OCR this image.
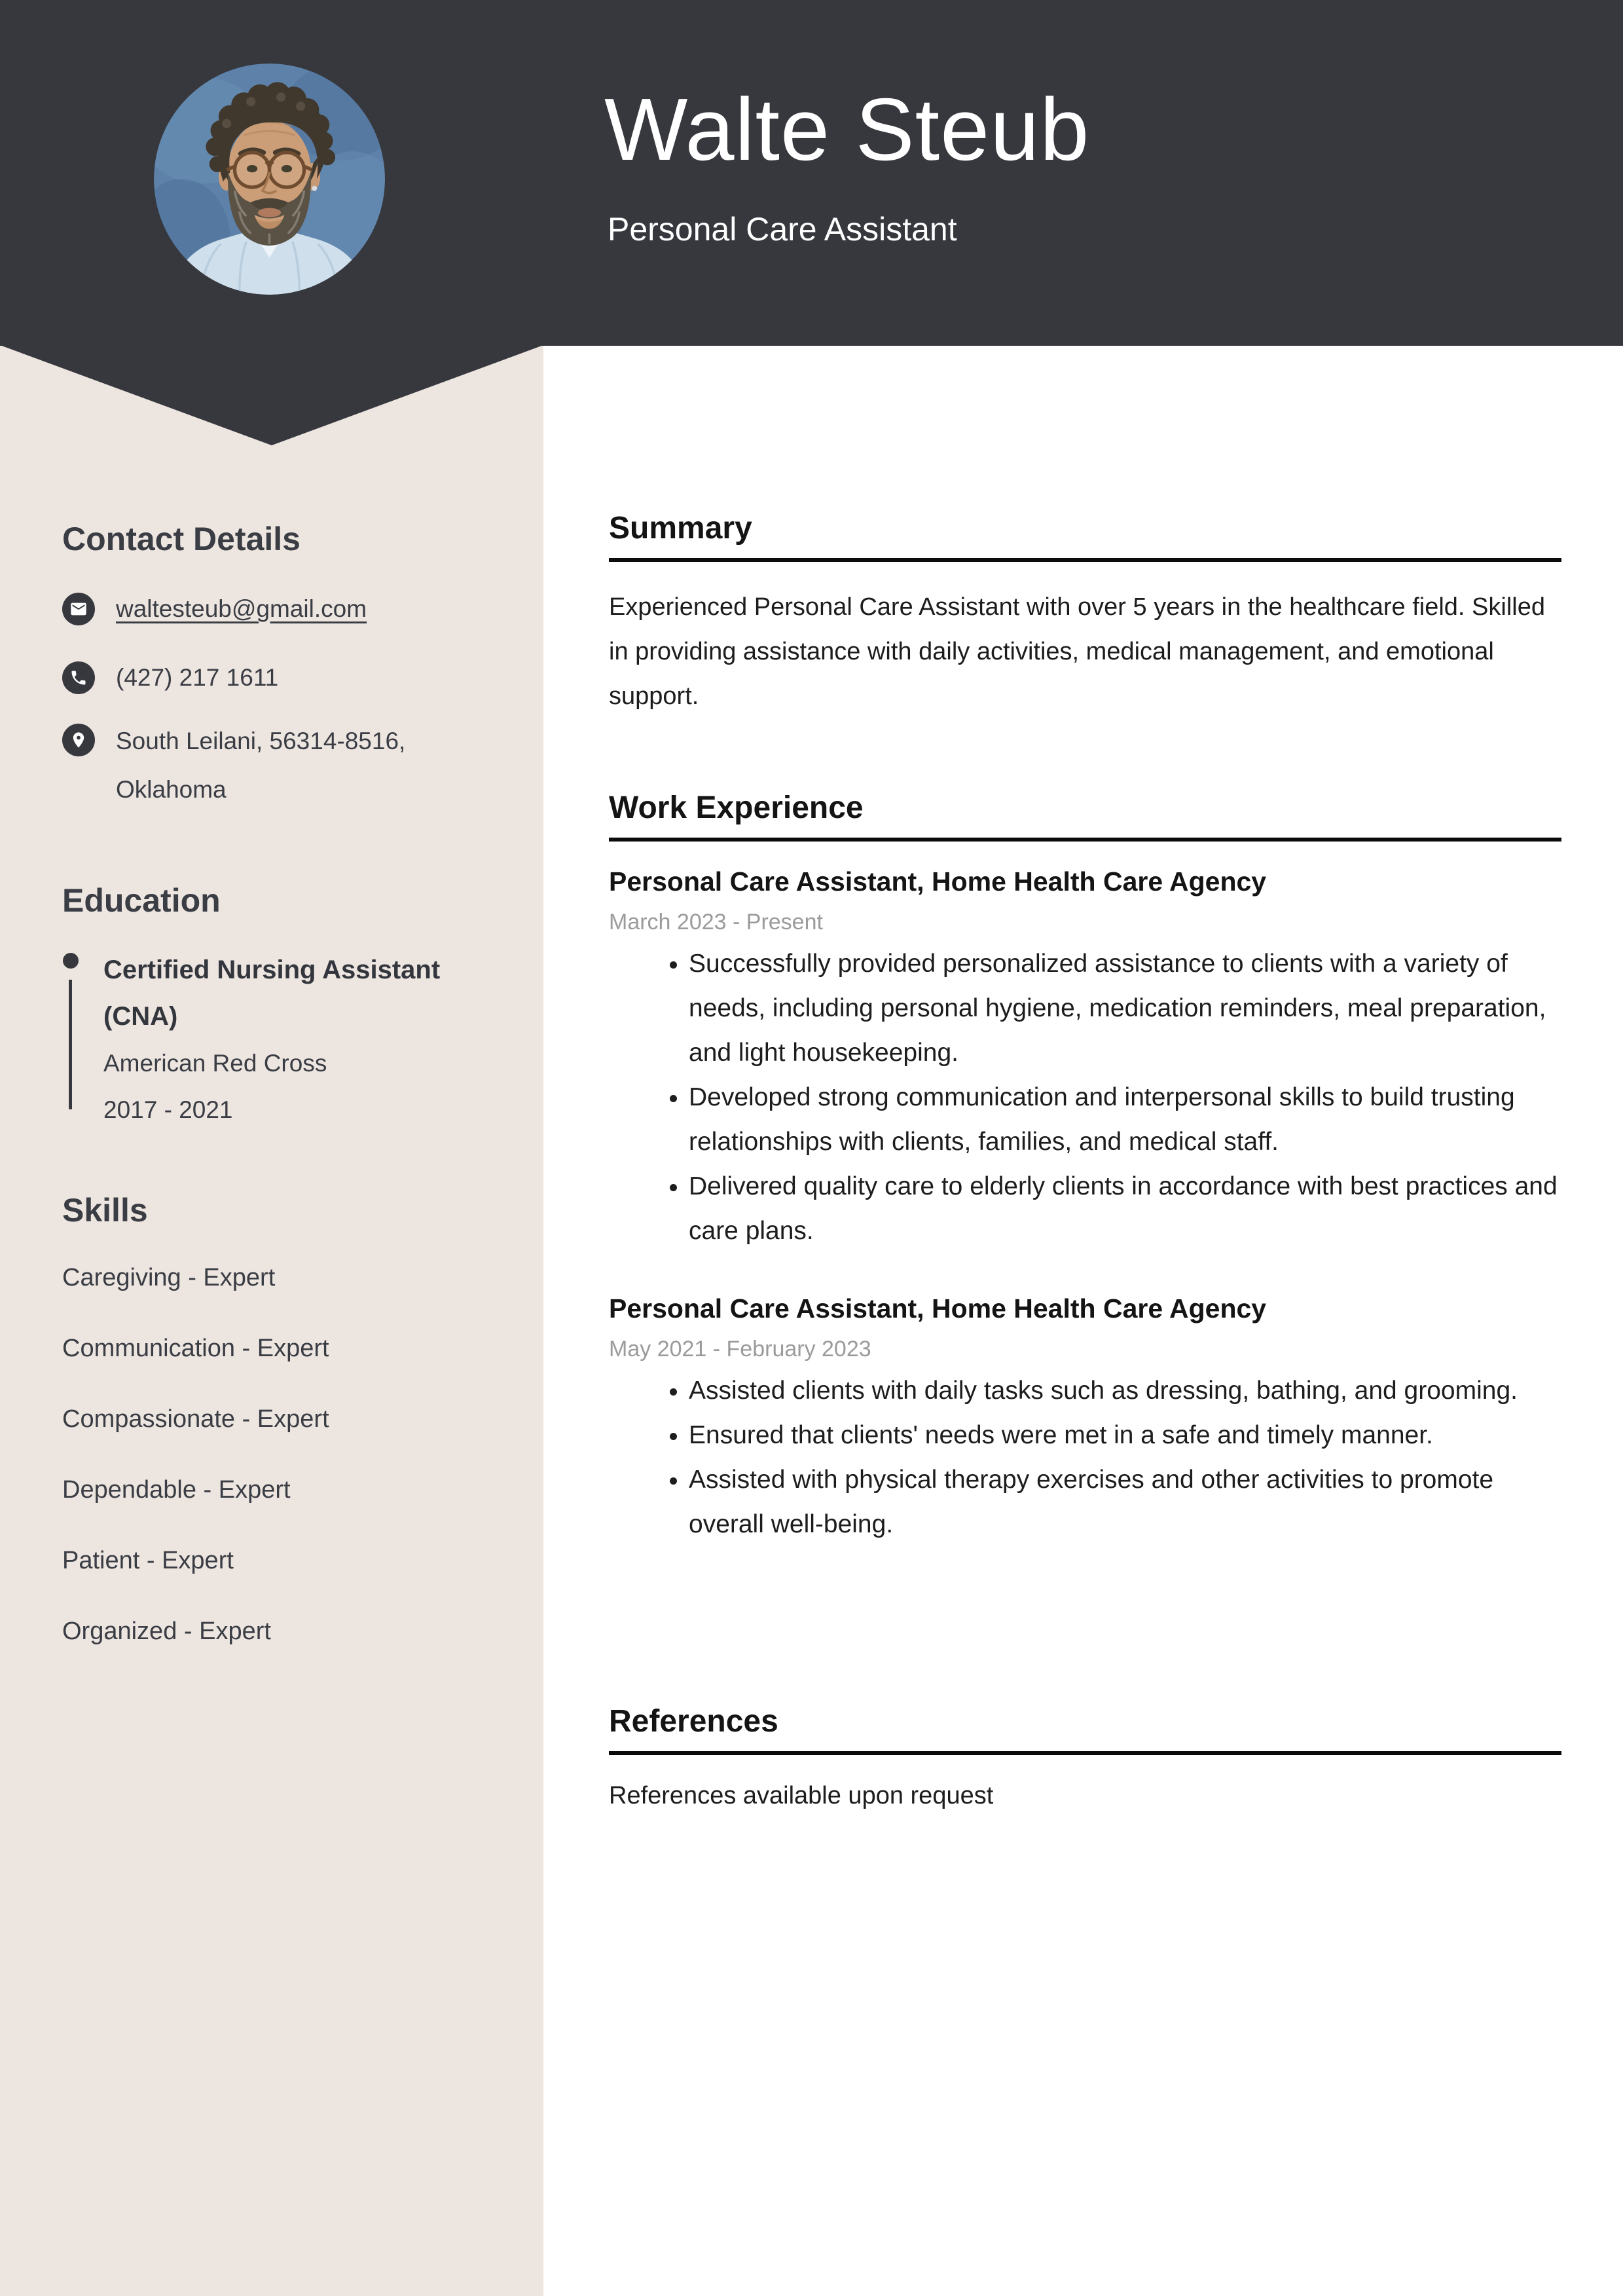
Walte Steub
Personal Care Assistant
Contact Details
waltesteub@gmail.com
(427) 217 1611
South Leilani, 56314-8516, Oklahoma
Education
Certified Nursing Assistant (CNA)
American Red Cross
2017 - 2021
Skills
Caregiving - Expert
Communication - Expert
Compassionate - Expert
Dependable - Expert
Patient - Expert
Organized - Expert
Summary
Experienced Personal Care Assistant with over 5 years in the healthcare field. Skilled in providing assistance with daily activities, medical management, and emotional support.
Work Experience
Personal Care Assistant, Home Health Care Agency
March 2023 - Present
• Successfully provided personalized assistance to clients with a variety of needs, including personal hygiene, medication reminders, meal preparation, and light housekeeping.
• Developed strong communication and interpersonal skills to build trusting relationships with clients, families, and medical staff.
• Delivered quality care to elderly clients in accordance with best practices and care plans.
Personal Care Assistant, Home Health Care Agency
May 2021 - February 2023
• Assisted clients with daily tasks such as dressing, bathing, and grooming.
• Ensured that clients' needs were met in a safe and timely manner.
• Assisted with physical therapy exercises and other activities to promote overall well-being.
References
References available upon request
